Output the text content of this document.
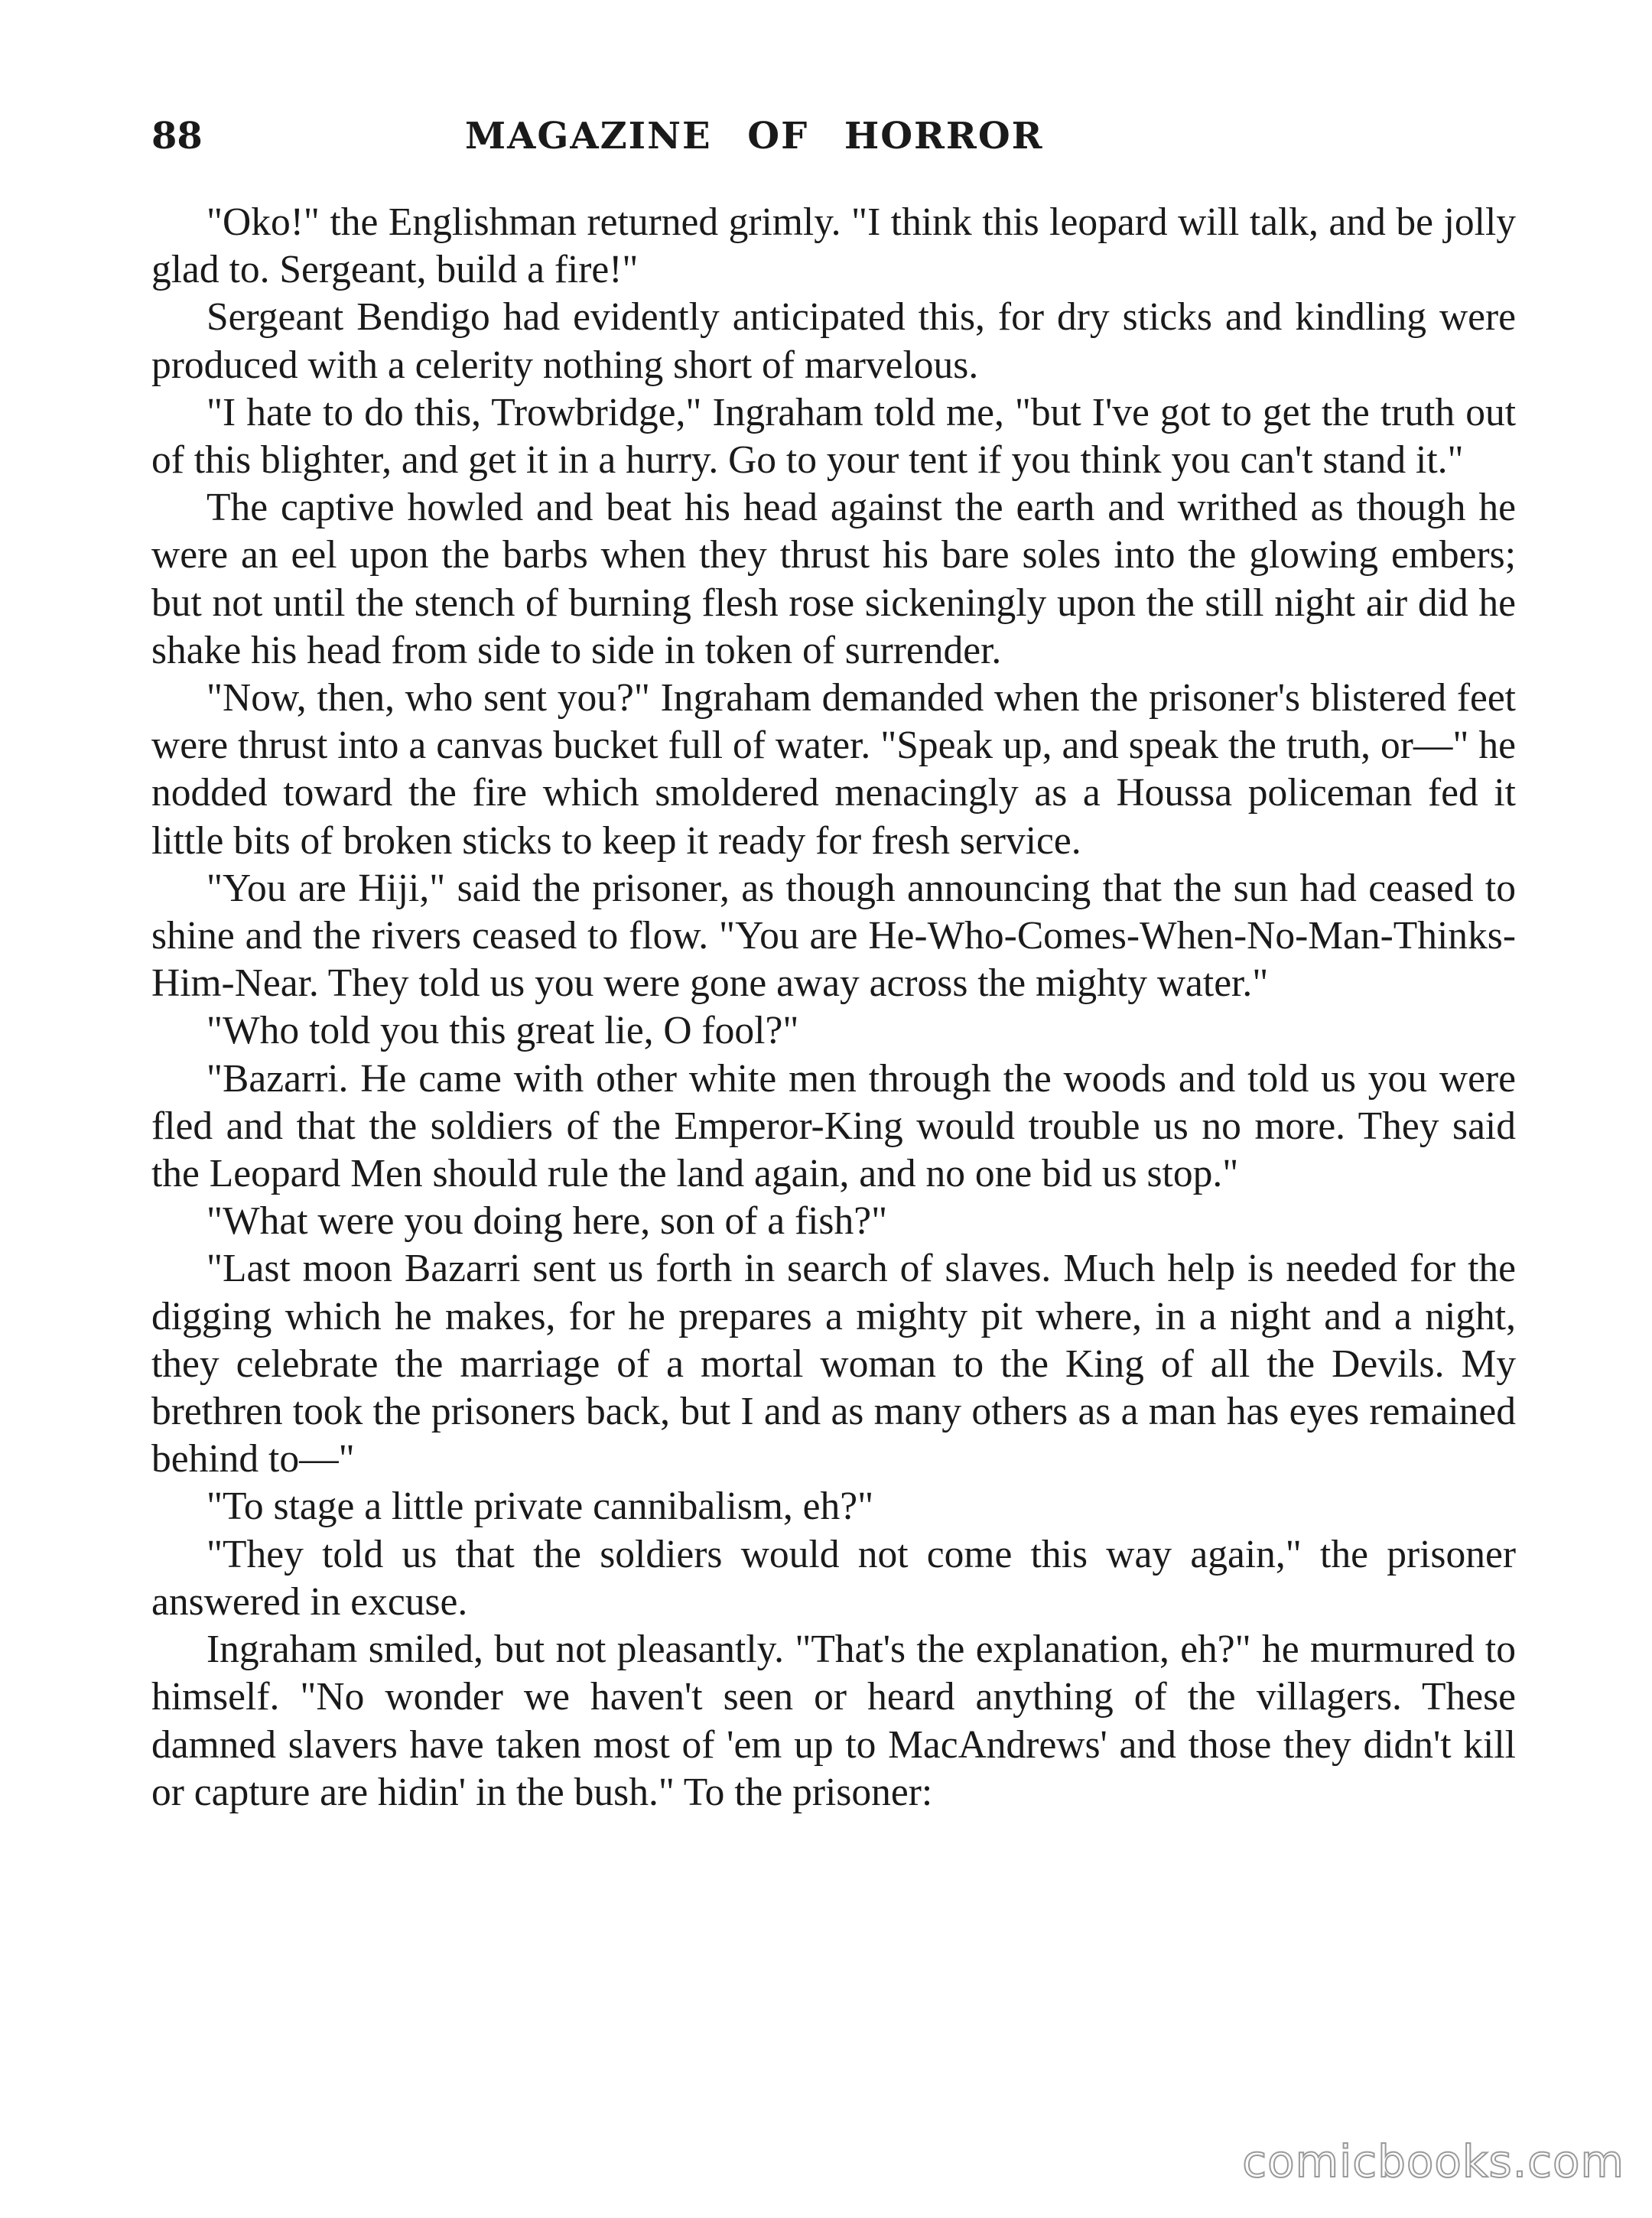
88	MAGAZINE OF HORROR

"Oko!" the Englishman returned grimly. "I think this leopard will talk, and be jolly glad to. Sergeant, build a fire!"

Sergeant Bendigo had evidently anticipated this, for dry sticks and kindling were produced with a celerity nothing short of marvelous.

"I hate to do this, Trowbridge," Ingraham told me, "but I've got to get the truth out of this blighter, and get it in a hurry. Go to your tent if you think you can't stand it."

The captive howled and beat his head against the earth and writhed as though he were an eel upon the barbs when they thrust his bare soles into the glowing embers; but not until the stench of burning flesh rose sickeningly upon the still night air did he shake his head from side to side in token of surrender.

"Now, then, who sent you?" Ingraham demanded when the prisoner's blistered feet were thrust into a canvas bucket full of water. "Speak up, and speak the truth, or—" he nodded toward the fire which smoldered menacingly as a Houssa policeman fed it little bits of broken sticks to keep it ready for fresh service.

"You are Hiji," said the prisoner, as though announcing that the sun had ceased to shine and the rivers ceased to flow. "You are He-Who-Comes-When-No-Man-Thinks-Him-Near. They told us you were gone away across the mighty water."

"Who told you this great lie, O fool?"

"Bazarri. He came with other white men through the woods and told us you were fled and that the soldiers of the Emperor-King would trouble us no more. They said the Leopard Men should rule the land again, and no one bid us stop."

"What were you doing here, son of a fish?"

"Last moon Bazarri sent us forth in search of slaves. Much help is needed for the digging which he makes, for he prepares a mighty pit where, in a night and a night, they celebrate the marriage of a mortal woman to the King of all the Devils. My brethren took the prisoners back, but I and as many others as a man has eyes remained behind to—"

"To stage a little private cannibalism, eh?"

"They told us that the soldiers would not come this way again," the prisoner answered in excuse.

Ingraham smiled, but not pleasantly. "That's the explanation, eh?" he murmured to himself. "No wonder we haven't seen or heard anything of the villagers. These damned slavers have taken most of 'em up to MacAndrews' and those they didn't kill or capture are hidin' in the bush." To the prisoner:

comicbooks.com
